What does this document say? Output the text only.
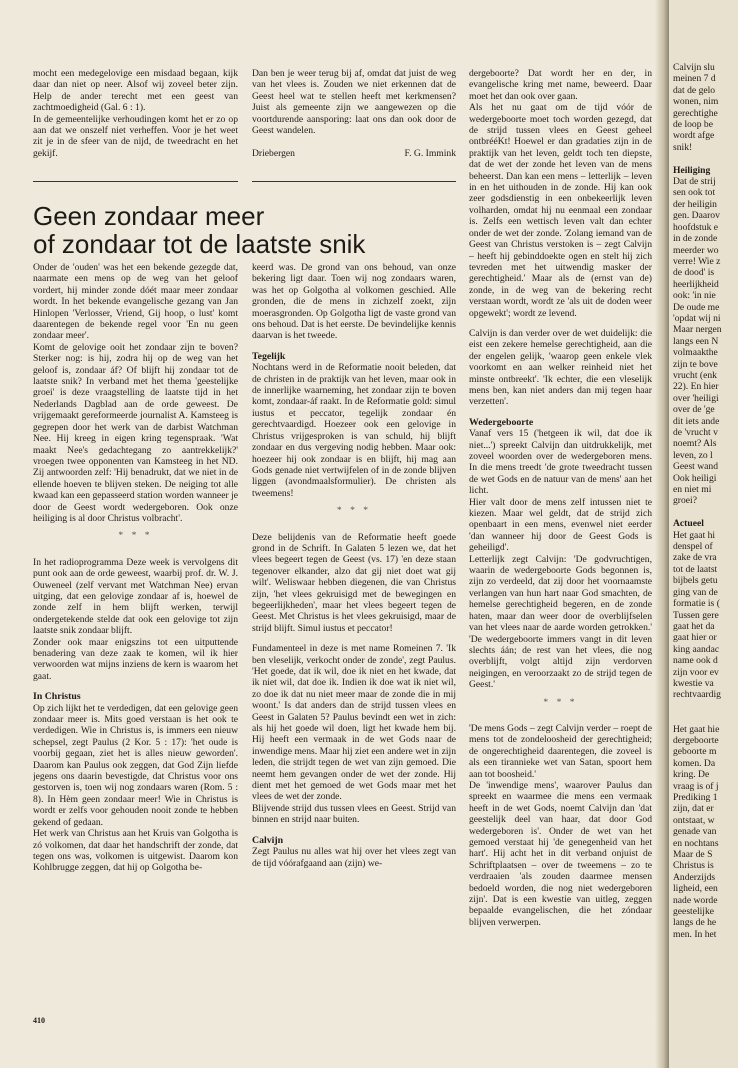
mocht een medegelovige een misdaad begaan, kijk daar dan niet op neer. Alsof wij zoveel beter zijn. Help de ander terecht met een geest van zachtmoedigheid (Gal. 6 : 1).
In de gemeentelijke verhoudingen komt het er zo op aan dat we onszelf niet verheffen. Voor je het weet zit je in de sfeer van de nijd, de tweedracht en het gekijf.

Dan ben je weer terug bij af, omdat dat juist de weg van het vlees is. Zouden we niet erkennen dat de Geest heel wat te stellen heeft met kerkmensen? Juist als gemeente zijn we aangewezen op die voortdurende aansporing: laat ons dan ook door de Geest wandelen.

Driebergen	F. G. Immink
Geen zondaar meer
of zondaar tot de laatste snik

Onder de 'ouden' was het een bekende gezegde dat, naarmate een mens op de weg van het geloof vordert, hij minder zonde dóét maar meer zondaar wordt. In het bekende evangelische gezang van Jan Hinlopen 'Verlosser, Vriend, Gij hoop, o lust' komt daarentegen de bekende regel voor 'En nu geen zondaar meer'.

Komt de gelovige ooit het zondaar zijn te boven? Sterker nog: is hij, zodra hij op de weg van het geloof is, zondaar áf? Of blijft hij zondaar tot de laatste snik? In verband met het thema 'geestelijke groei' is deze vraagstelling de laatste tijd in het Nederlands Dagblad aan de orde geweest. De vrijgemaakt gereformeerde journalist A. Kamsteeg is gegrepen door het werk van de darbist Watchman Nee. Hij kreeg in eigen kring tegenspraak. 'Wat maakt Nee's gedachtegang zo aantrekkelijk?' vroegen twee opponenten van Kamsteeg in het ND. Zij antwoorden zelf: 'Hij benadrukt, dat we niet in de ellende hoeven te blijven steken. De neiging tot alle kwaad kan een gepasseerd station worden wanneer je door de Geest wordt wedergeboren. Ook onze heiliging is al door Christus volbracht'.

* * *

In het radioprogramma Deze week is vervolgens dit punt ook aan de orde geweest, waarbij prof. dr. W. J. Ouweneel (zelf vervant met Watchman Nee) ervan uitging, dat een gelovige zondaar af is, hoewel de zonde zelf in hem blijft werken, terwijl ondergetekende stelde dat ook een gelovige tot zijn laatste snik zondaar blijft.

Zonder ook maar enigszins tot een uitputtende benadering van deze zaak te komen, wil ik hier verwoorden wat mijns inziens de kern is waarom het gaat.

In Christus

Op zich lijkt het te verdedigen, dat een gelovige geen zondaar meer is. Mits goed verstaan is het ook te verdedigen. Wie in Christus is, is immers een nieuw schepsel, zegt Paulus (2 Kor. 5 : 17): 'het oude is voorbij gegaan, ziet het is alles nieuw geworden'. Daarom kan Paulus ook zeggen, dat God Zijn liefde jegens ons daarin bevestigde, dat Christus voor ons gestorven is, toen wij nog zondaars waren (Rom. 5 : 8). In Hèm geen zondaar meer! Wie in Christus is wordt er zelfs voor gehouden nooit zonde te hebben gekend of gedaan.

Het werk van Christus aan het Kruis van Golgotha is zó volkomen, dat daar het handschrift der zonde, dat tegen ons was, volkomen is uitgewist. Daarom kon Kohlbrugge zeggen, dat hij op Golgotha be-

keerd was. De grond van ons behoud, van onze bekering ligt daar. Toen wij nog zondaars waren, was het op Golgotha al volkomen geschied. Alle gronden, die de mens in zichzelf zoekt, zijn moerasgronden. Op Golgotha ligt de vaste grond van ons behoud. Dat is het eerste. De bevindelijke kennis daarvan is het tweede.

Tegelijk

Nochtans werd in de Reformatie nooit beleden, dat de christen in de praktijk van het leven, maar ook in de innerlijke waarneming, het zondaar zijn te boven komt, zondaar-áf raakt. In de Reformatie gold: simul iustus et peccator, tegelijk zondaar én gerechtvaardigd. Hoezeer ook een gelovige in Christus vrijgesproken is van schuld, hij blijft zondaar en dus vergeving nodig hebben. Maar ook: hoezeer hij ook zondaar is en blijft, hij mag aan Gods genade niet vertwijfelen of in de zonde blijven liggen (avondmaalsformulier). De christen als tweemens!

* * *

Deze belijdenis van de Reformatie heeft goede grond in de Schrift. In Galaten 5 lezen we, dat het vlees begeert tegen de Geest (vs. 17) 'en deze staan tegenover elkander, alzo dat gij niet doet wat gij wilt'. Weliswaar hebben diegenen, die van Christus zijn, 'het vlees gekruisigd met de bewegingen en begeerlijkheden', maar het vlees begeert tegen de Geest. Met Christus is het vlees gekruisigd, maar de strijd blijft. Simul iustus et peccator!

Fundamenteel in deze is met name Romeinen 7. 'Ik ben vleselijk, verkocht onder de zonde', zegt Paulus. 'Het goede, dat ik wil, doe ik niet en het kwade, dat ik niet wil, dat doe ik. Indien ik doe wat ik niet wil, zo doe ik dat nu niet meer maar de zonde die in mij woont.' Is dat anders dan de strijd tussen vlees en Geest in Galaten 5? Paulus bevindt een wet in zich: als hij het goede wil doen, ligt het kwade hem bij. Hij heeft een vermaak in de wet Gods naar de inwendige mens. Maar hij ziet een andere wet in zijn leden, die strijdt tegen de wet van zijn gemoed. Die neemt hem gevangen onder de wet der zonde. Hij dient met het gemoed de wet Gods maar met het vlees de wet der zonde.

Blijvende strijd dus tussen vlees en Geest. Strijd van binnen en strijd naar buiten.

Calvijn

Zegt Paulus nu alles wat hij over het vlees zegt van de tijd vóórafgaand aan (zijn) we-

dergeboorte? Dat wordt her en der, in evangelische kring met name, beweerd. Daar moet het dan ook over gaan.

Als het nu gaat om de tijd vóór de wedergeboorte moet toch worden gezegd, dat de strijd tussen vlees en Geest geheel ontbrééKt! Hoewel er dan gradaties zijn in de praktijk van het leven, geldt toch ten diepste, dat de wet der zonde het leven van de mens beheerst. Dan kan een mens – letterlijk – leven in en het uithouden in de zonde. Hij kan ook zeer godsdienstig in een onbekeerlijk leven volharden, omdat hij nu eenmaal een zondaar is. Zelfs een wettisch leven valt dan echter onder de wet der zonde. 'Zolang iemand van de Geest van Christus verstoken is – zegt Calvijn – heeft hij gebinddoekte ogen en stelt hij zich tevreden met het uitwendig masker der gerechtigheid.' Maar als de (ernst van de) zonde, in de weg van de bekering recht verstaan wordt, wordt ze 'als uit de doden weer opgewekt'; wordt ze levend.

Calvijn is dan verder over de wet duidelijk: die eist een zekere hemelse gerechtigheid, aan die der engelen gelijk, 'waarop geen enkele vlek voorkomt en aan welker reinheid niet het minste ontbreekt'. 'Ik echter, die een vleselijk mens ben, kan niet anders dan mij tegen haar verzetten'.

Wedergeboorte

Vanaf vers 15 ('hetgeen ik wil, dat doe ik niet...') spreekt Calvijn dan uitdrukkelijk, met zoveel woorden over de wedergeboren mens. In die mens treedt 'de grote tweedracht tussen de wet Gods en de natuur van de mens' aan het licht.

Hier valt door de mens zelf intussen niet te kiezen. Maar wel geldt, dat de strijd zich openbaart in een mens, evenwel niet eerder 'dan wanneer hij door de Geest Gods is geheiligd'.

Letterlijk zegt Calvijn: 'De godvruchtigen, waarin de wedergeboorte Gods begonnen is, zijn zo verdeeld, dat zij door het voornaamste verlangen van hun hart naar God smachten, de hemelse gerechtigheid begeren, en de zonde haten, maar dan weer door de overblijfselen van het vlees naar de aarde worden getrokken.' 'De wedergeboorte immers vangt in dit leven slechts áán; de rest van het vlees, die nog overblijft, volgt altijd zijn verdorven neigingen, en veroorzaakt zo de strijd tegen de Geest.'

* * *

'De mens Gods – zegt Calvijn verder – roept de mens tot de zondeloosheid der gerechtigheid; de ongerechtigheid daarentegen, die zoveel is als een tirannieke wet van Satan, spoort hem aan tot boosheid.'

De 'inwendige mens', waarover Paulus dan spreekt en waarmee die mens een vermaak heeft in de wet Gods, noemt Calvijn dan 'dat geestelijk deel van haar, dat door God wedergeboren is'. Onder de wet van het gemoed verstaat hij 'de genegenheid van het hart'. Hij acht het in dit verband onjuist de Schriftplaatsen – over de tweemens – zo te verdraaien 'als zouden daarmee mensen bedoeld worden, die nog niet wedergeboren zijn'. Dat is een kwestie van uitleg, zeggen bepaalde evangelischen, die het zóndaar blijven verwerpen.

410

Calvijn slu

meinen 7 d

dat de gelo

wonen, nim

gerechtighe

de loop be

wordt afge

snik!

Heiliging

Dat de strij

sen ook tot

der heiligin

gen. Daarov

hoofdstuk e

in de zonde

meerder wo

verre! Wie z

de dood' is

heerlijkheid

ook: 'in nie

De oude me

'opdat wij ni

Maar nergen

langs een N

volmaakthe

zijn te bove

vrucht (enk

22). En hier

over 'heiligi

over de 'ge

dit iets ande

de 'vrucht v

noemt? Als

leven, zo l

Geest wand

Ook heiligi

en niet mi

groei?

Actueel

Het gaat hi

denspel of

zake de vra

tot de laatst

bijbels getu

ging van de

formatie is (

Tussen gere

gaat het da

gaat hier or

king aandac

name ook d

zijn voor ev

kwestie va

rechtvaardig

Het gaat hie

dergeboorte

geboorte m

komen. Da

kring. De

vraag is of j

Prediking 1

zijn, dat er

ontstaat, w

genade van

en nochtans

Maar de S

Christus is

Anderzijds

ligheid, een

nade worde

geestelijke

langs de he

men. In het
